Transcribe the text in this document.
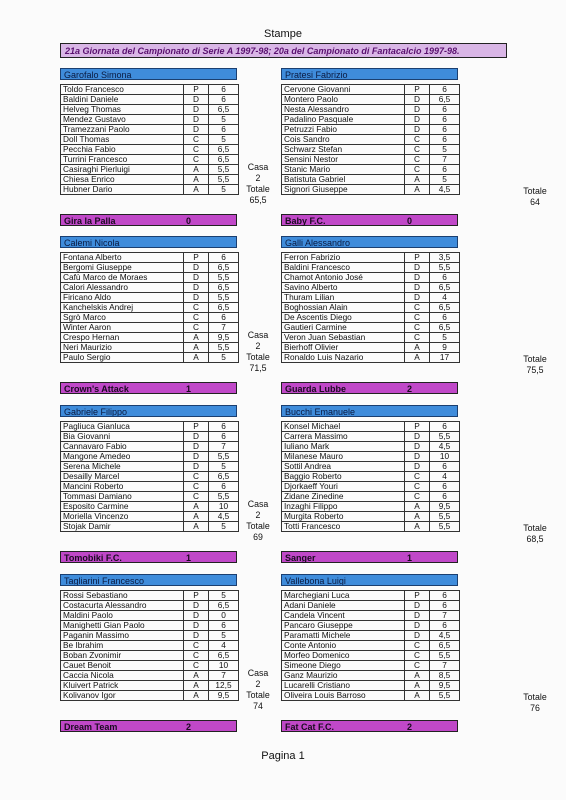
Stampe
21a Giornata del Campionato di Serie A 1997-98; 20a del Campionato di Fantacalcio 1997-98.
Garofalo Simona
Toldo Francesco	P	6
Baldini Daniele	D	6
Helveg Thomas	D	6,5
Mendez Gustavo	D	5
Tramezzani Paolo	D	6
Doll Thomas	C	5
Pecchia Fabio	C	6,5
Turrini Francesco	C	6,5
Casiraghi Pierluigi	A	5,5
Chiesa Enrico	A	5,5
Hubner Dario	A	5
Pratesi Fabrizio
Cervone Giovanni	P	6
Montero Paolo	D	6,5
Nesta Alessandro	D	6
Padalino Pasquale	D	6
Petruzzi Fabio	D	6
Cois Sandro	C	6
Schwarz Stefan	C	5
Sensini Nestor	C	7
Stanic Mario	C	6
Batistuta Gabriel	A	5
Signori Giuseppe	A	4,5
Gira la Palla	0	Baby F.C.	0
Casa
2
Totale
65,5
Totale
64
Calemi Nicola
Fontana Alberto	P	6
Bergomi Giuseppe	D	6,5
Cafù Marco de Moraes	D	5,5
Calori Alessandro	D	6,5
Firicano Aldo	D	5,5
Kanchelskis Andrej	C	6,5
Sgrò Marco	C	6
Winter Aaron	C	7
Crespo Hernan	A	9,5
Neri Maurizio	A	5,5
Paulo Sergio	A	5
Galli Alessandro
Ferron Fabrizio	P	3,5
Baldini Francesco	D	5,5
Chamot Antonio José	D	6
Savino Alberto	D	6,5
Thuram Lilian	D	4
Boghossian Alain	C	6,5
De Ascentis Diego	C	6
Gautieri Carmine	C	6,5
Veron Juan Sebastian	C	5
Bierhoff Olivier	A	9
Ronaldo Luis Nazario	A	17
Crown's Attack	1	Guarda Lubbe	2
Casa
2
Totale
71,5
Totale
75,5
Gabriele Filippo
Pagliuca Gianluca	P	6
Bia Giovanni	D	6
Cannavaro Fabio	D	7
Mangone Amedeo	D	5,5
Serena Michele	D	5
Desailly Marcel	C	6,5
Mancini Roberto	C	6
Tommasi Damiano	C	5,5
Esposito Carmine	A	10
Moriella Vincenzo	A	4,5
Stojak Damir	A	5
Bucchi Emanuele
Konsel Michael	P	6
Carrera Massimo	D	5,5
Iuliano Mark	D	4,5
Milanese Mauro	D	10
Sottil Andrea	D	6
Baggio Roberto	C	4
Djorkaeff Youri	C	6
Zidane Zinedine	C	6
Inzaghi Filippo	A	9,5
Murgita Roberto	A	5,5
Totti Francesco	A	5,5
Tomobiki F.C.	1	Sanger	1
Casa
2
Totale
69
Totale
68,5
Tagliarini Francesco
Rossi Sebastiano	P	5
Costacurta Alessandro	D	6,5
Maldini Paolo	D	0
Manighetti Gian Paolo	D	6
Paganin Massimo	D	5
Be Ibrahim	C	4
Boban Zvonimir	C	6,5
Cauet Benoit	C	10
Caccia Nicola	A	7
Kluivert Patrick	A	12,5
Kolivanov Igor	A	9,5
Vallebona Luigi
Marchegiani Luca	P	6
Adani Daniele	D	6
Candela Vincent	D	7
Pancaro Giuseppe	D	6
Paramatti Michele	D	4,5
Conte Antonio	C	6,5
Morfeo Domenico	C	5,5
Simeone Diego	C	7
Ganz Maurizio	A	8,5
Lucarelli Cristiano	A	9,5
Oliveira Louis Barroso	A	5,5
Dream Team	2	Fat Cat F.C.	2
Casa
2
Totale
74
Totale
76
Pagina 1
